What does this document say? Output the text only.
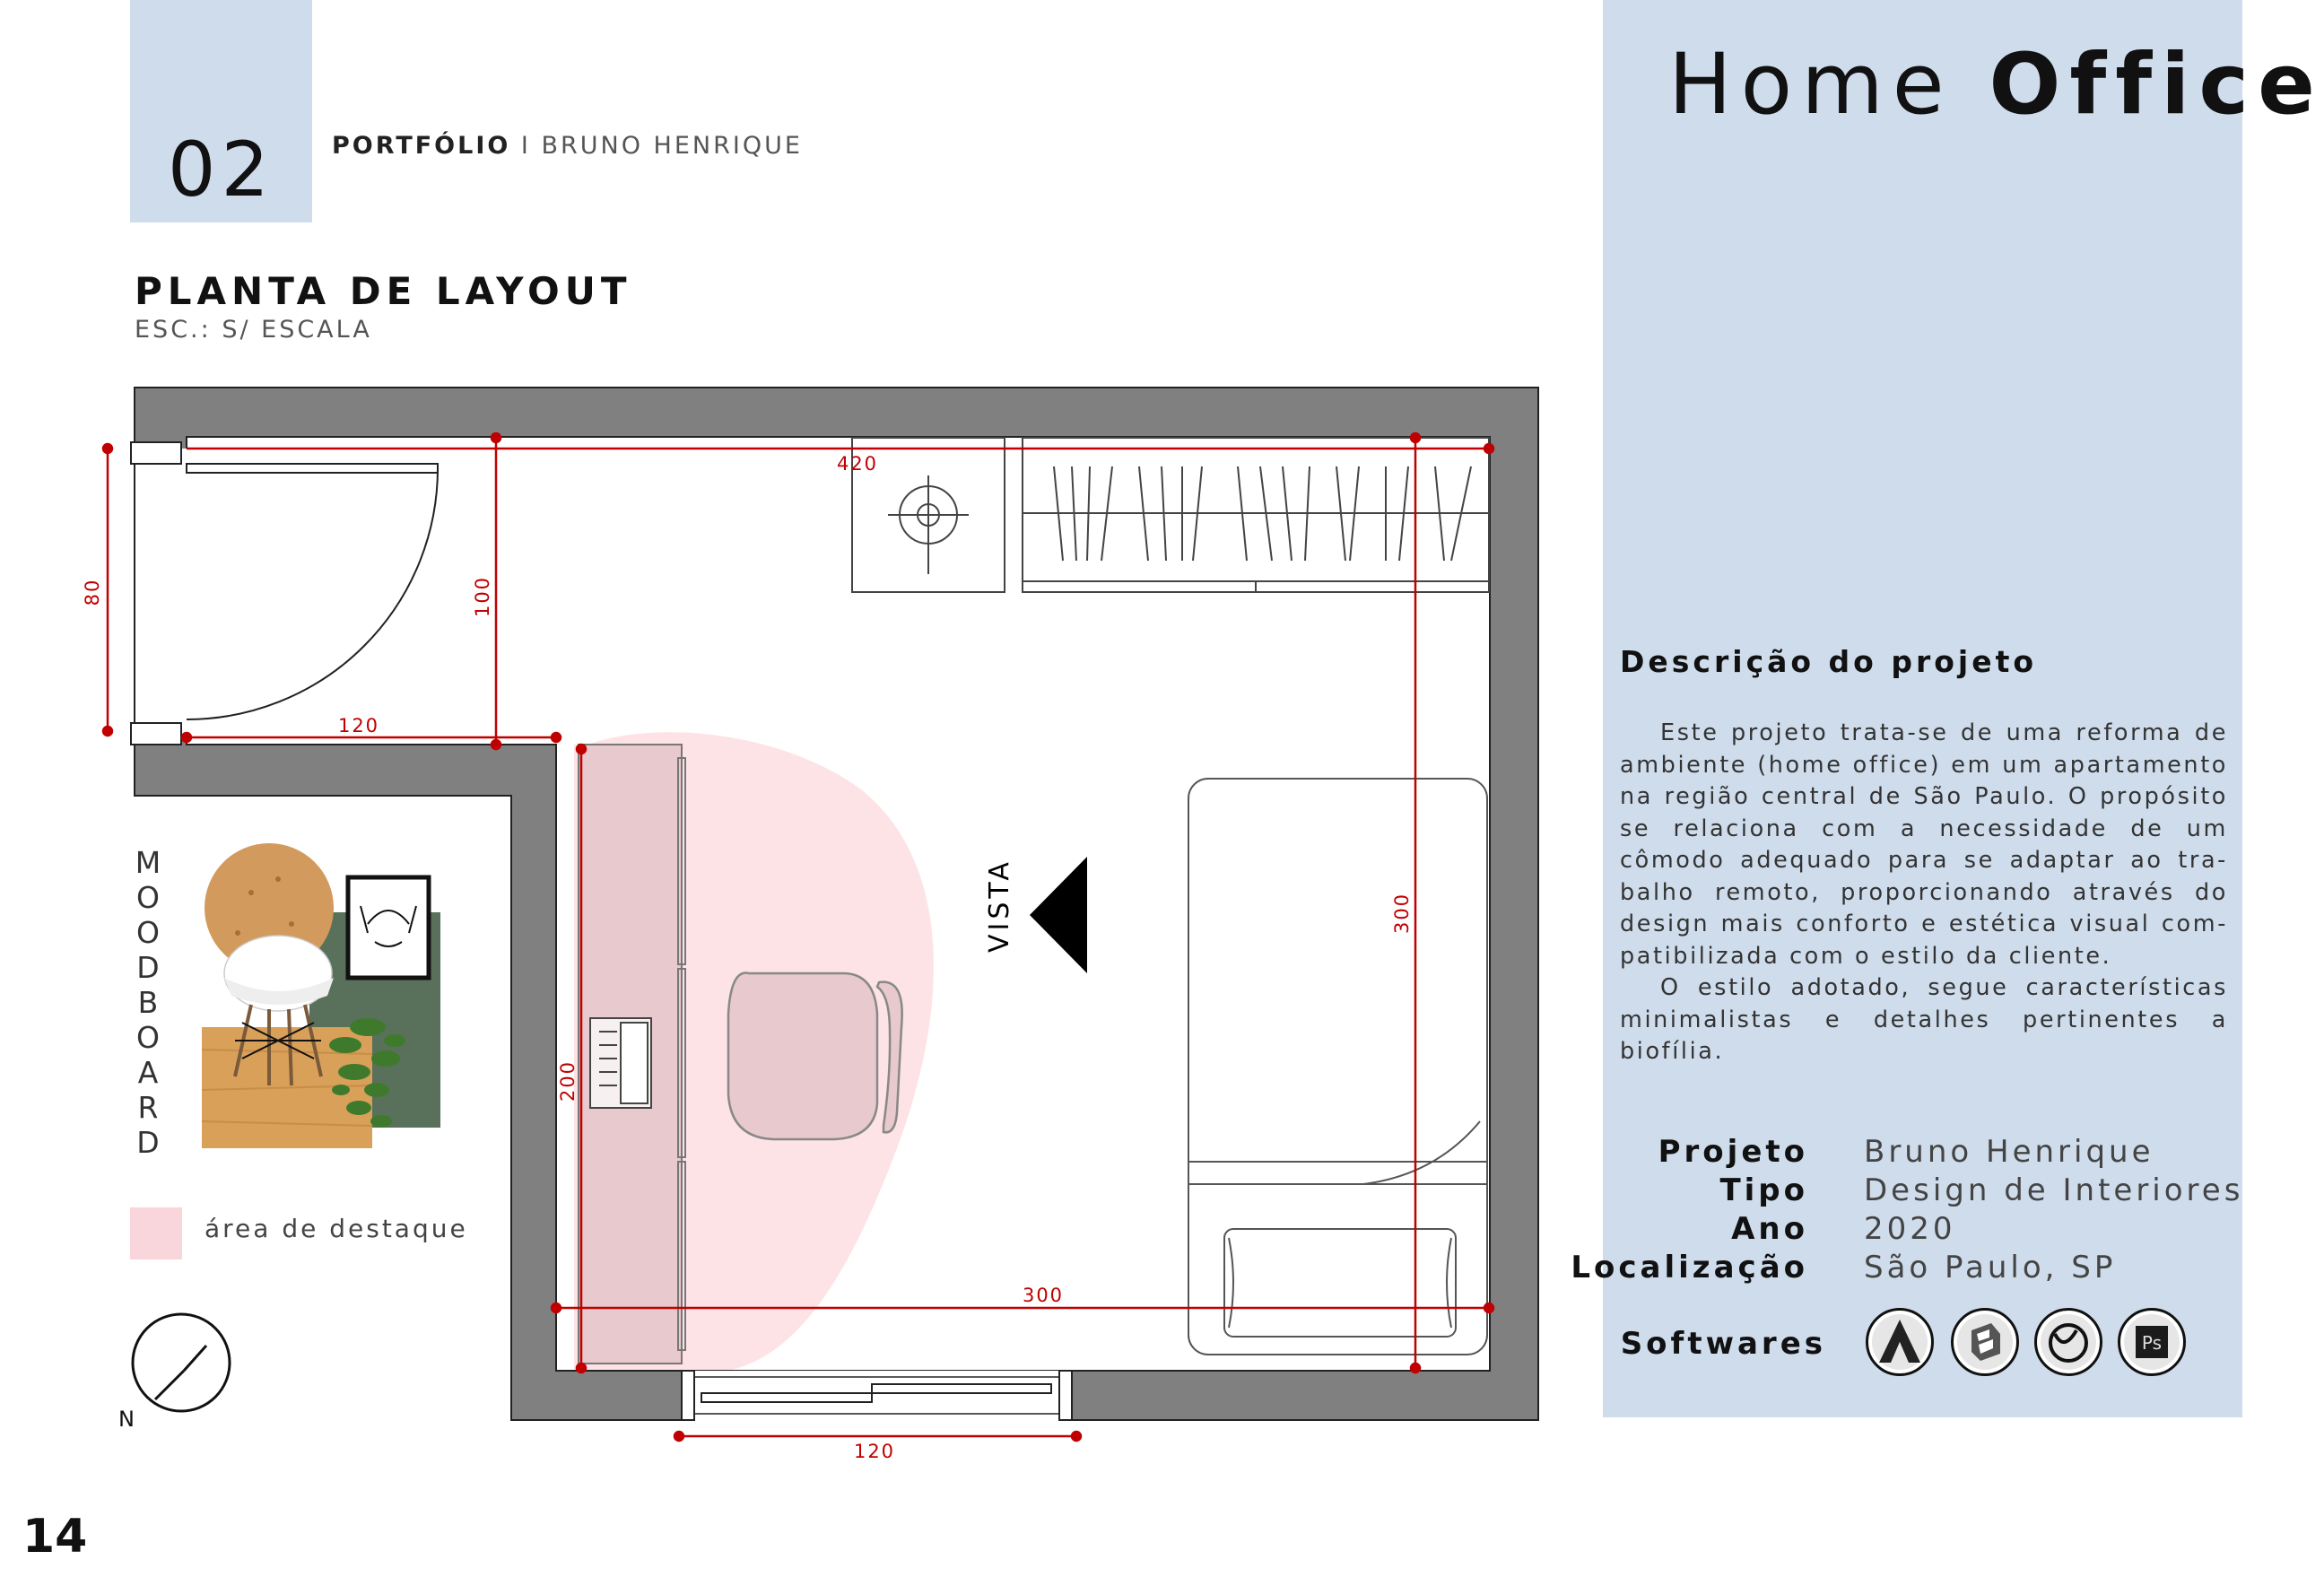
02	PORTFÓLIO I BRUNO HENRIQUE
PLANTA DE LAYOUT
ESC.: S/ ESCALA
Home Office
Descrição do projeto

Este projeto trata-se de uma reforma de ambiente (home office) em um apartamento na região central de São Paulo. O propósito se relaciona com a necessidade de um cômodo adequado para se adaptar ao tra-balho remoto, proporcionando através do design mais conforto e estética visual com-patibilizada com o estilo da cliente.

O estilo adotado, segue características minimalistas e detalhes pertinentes a biofília.

Projeto Bruno Henrique
Tipo Design de Interiores
Ano 2020
Localização São Paulo, SP
Softwares	Ps
VISTA
420
80	100
120
300
200
300
120
M
O
O
D
B
O
A
R
D
área de destaque
N
14
